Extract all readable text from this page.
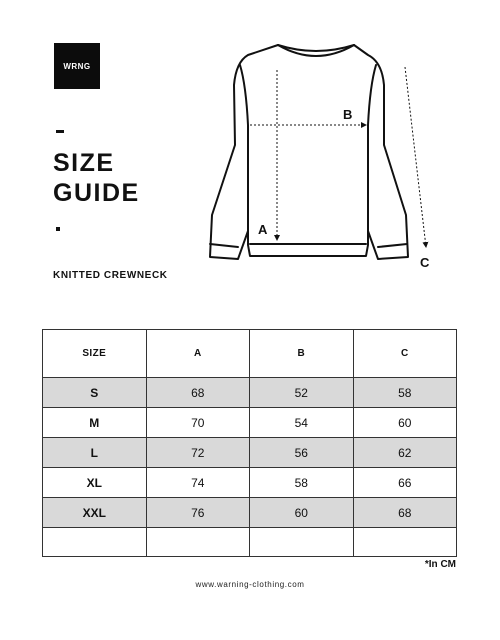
WRNG
SIZE
GUIDE
KNITTED CREWNECK
A
B
C
SIZE	A	B	C
S	68	52	58
M	70	54	60
L	72	56	62
XL	74	58	66
XXL	76	60	68

*In CM
www.warning-clothing.com
